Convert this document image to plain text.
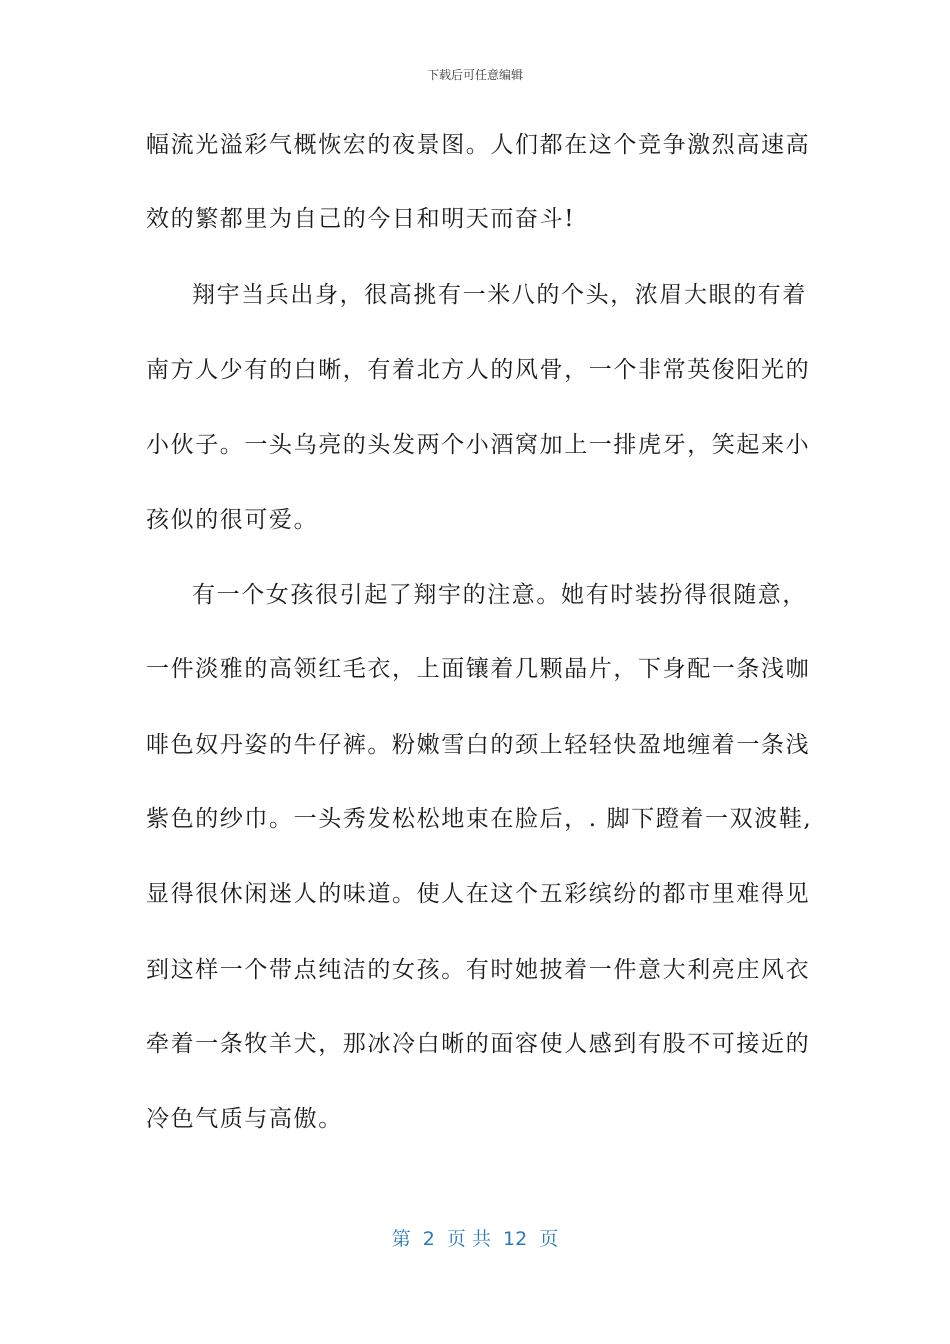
下载后可任意编辑
幅流光溢彩气概恢宏的夜景图。人们都在这个竞争激烈高速高
效的繁都里为自己的今日和明天而奋斗!
翔宇当兵出身，很高挑有一米八的个头，浓眉大眼的有着
南方人少有的白晰，有着北方人的风骨，一个非常英俊阳光的
小伙子。一头乌亮的头发两个小酒窝加上一排虎牙，笑起来小
孩似的很可爱。
有一个女孩很引起了翔宇的注意。她有时装扮得很随意，
一件淡雅的高领红毛衣，上面镶着几颗晶片，下身配一条浅咖
啡色奴丹姿的牛仔裤。粉嫩雪白的颈上轻轻快盈地缠着一条浅
紫色的纱巾。一头秀发松松地束在脸后，. 脚下蹬着一双波鞋,
显得很休闲迷人的味道。使人在这个五彩缤纷的都市里难得见
到这样一个带点纯洁的女孩。有时她披着一件意大利亮庄风衣
牵着一条牧羊犬，那冰冷白晰的面容使人感到有股不可接近的
冷色气质与高傲。
第  2  页 共  12  页
